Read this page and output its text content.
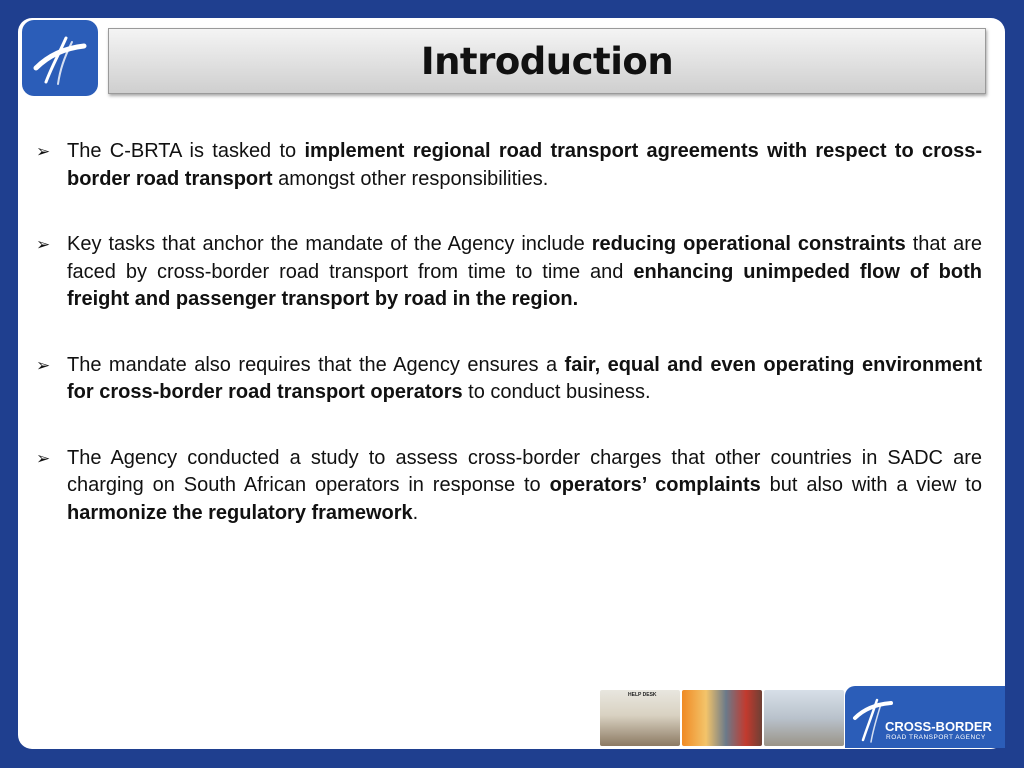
Introduction
➢ The C-BRTA is tasked to implement regional road transport agreements with respect to cross-border road transport amongst other responsibilities.
➢ Key tasks that anchor the mandate of the Agency include reducing operational constraints that are faced by cross-border road transport from time to time and enhancing unimpeded flow of both freight and passenger transport by road in the region.
➢ The mandate also requires that the Agency ensures a fair, equal and even operating environment for cross-border road transport operators to conduct business.
➢ The Agency conducted a study to assess cross-border charges that other countries in SADC are charging on South African operators in response to operators’ complaints but also with a view to harmonize the regulatory framework.
HELP DESK
CROSS-BORDER
ROAD TRANSPORT AGENCY
